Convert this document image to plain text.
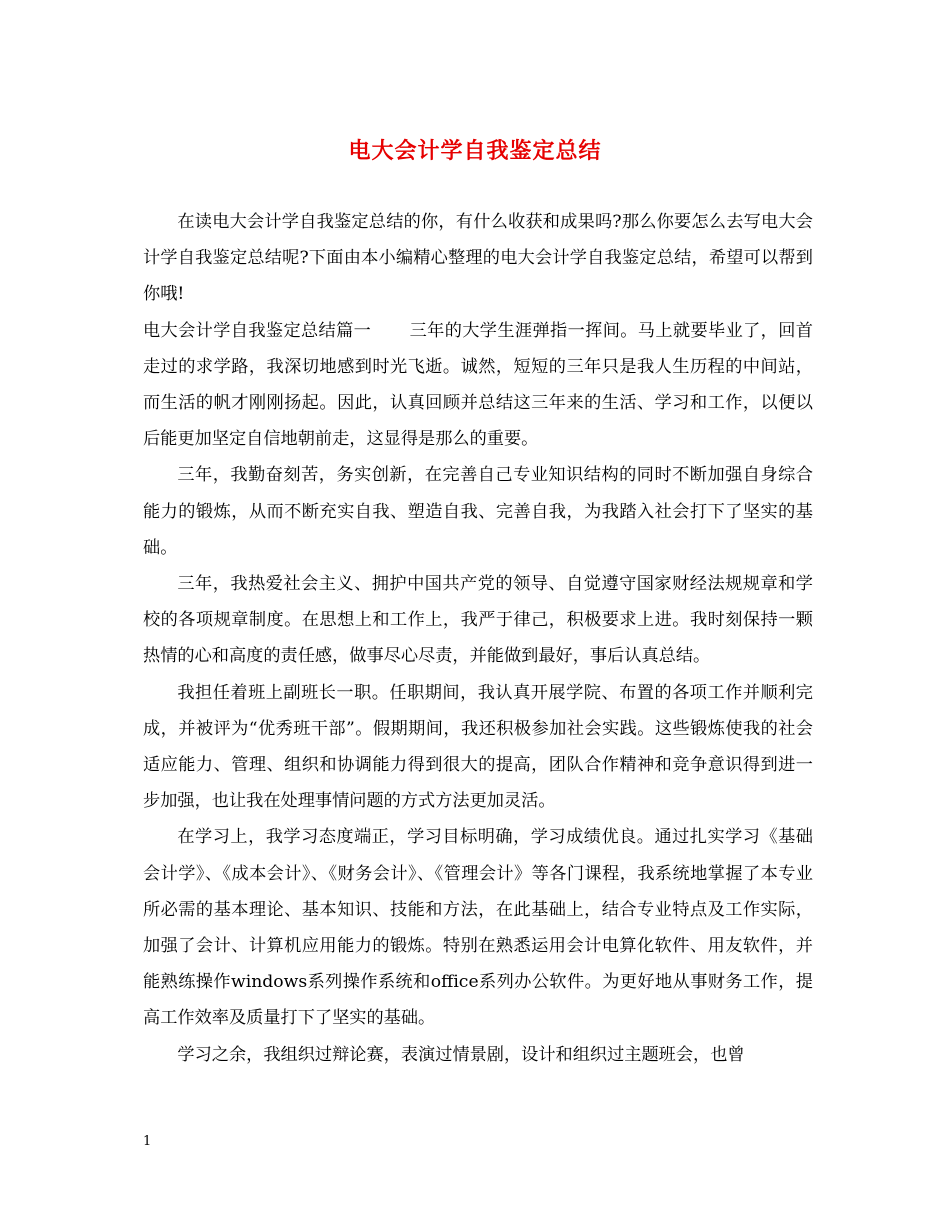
电大会计学自我鉴定总结

在读电大会计学自我鉴定总结的你，有什么收获和成果吗?那么你要怎么去写电大会计学自我鉴定总结呢?下面由本小编精心整理的电大会计学自我鉴定总结，希望可以帮到你哦!

电大会计学自我鉴定总结篇一 三年的大学生涯弹指一挥间。马上就要毕业了，回首走过的求学路，我深切地感到时光飞逝。诚然，短短的三年只是我人生历程的中间站，而生活的帆才刚刚扬起。因此，认真回顾并总结这三年来的生活、学习和工作，以便以后能更加坚定自信地朝前走，这显得是那么的重要。

三年，我勤奋刻苦，务实创新，在完善自己专业知识结构的同时不断加强自身综合能力的锻炼，从而不断充实自我、塑造自我、完善自我，为我踏入社会打下了坚实的基础。

三年，我热爱社会主义、拥护中国共产党的领导、自觉遵守国家财经法规规章和学校的各项规章制度。在思想上和工作上，我严于律己，积极要求上进。我时刻保持一颗热情的心和高度的责任感，做事尽心尽责，并能做到最好，事后认真总结。

我担任着班上副班长一职。任职期间，我认真开展学院、布置的各项工作并顺利完成，并被评为“优秀班干部”。假期期间，我还积极参加社会实践。这些锻炼使我的社会适应能力、管理、组织和协调能力得到很大的提高，团队合作精神和竞争意识得到进一步加强，也让我在处理事情问题的方式方法更加灵活。

在学习上，我学习态度端正，学习目标明确，学习成绩优良。通过扎实学习《基础会计学》、《成本会计》、《财务会计》、《管理会计》等各门课程，我系统地掌握了本专业所必需的基本理论、基本知识、技能和方法，在此基础上，结合专业特点及工作实际，加强了会计、计算机应用能力的锻炼。特别在熟悉运用会计电算化软件、用友软件，并能熟练操作windows系列操作系统和office系列办公软件。为更好地从事财务工作，提高工作效率及质量打下了坚实的基础。

学习之余，我组织过辩论赛，表演过情景剧，设计和组织过主题班会，也曾

1
